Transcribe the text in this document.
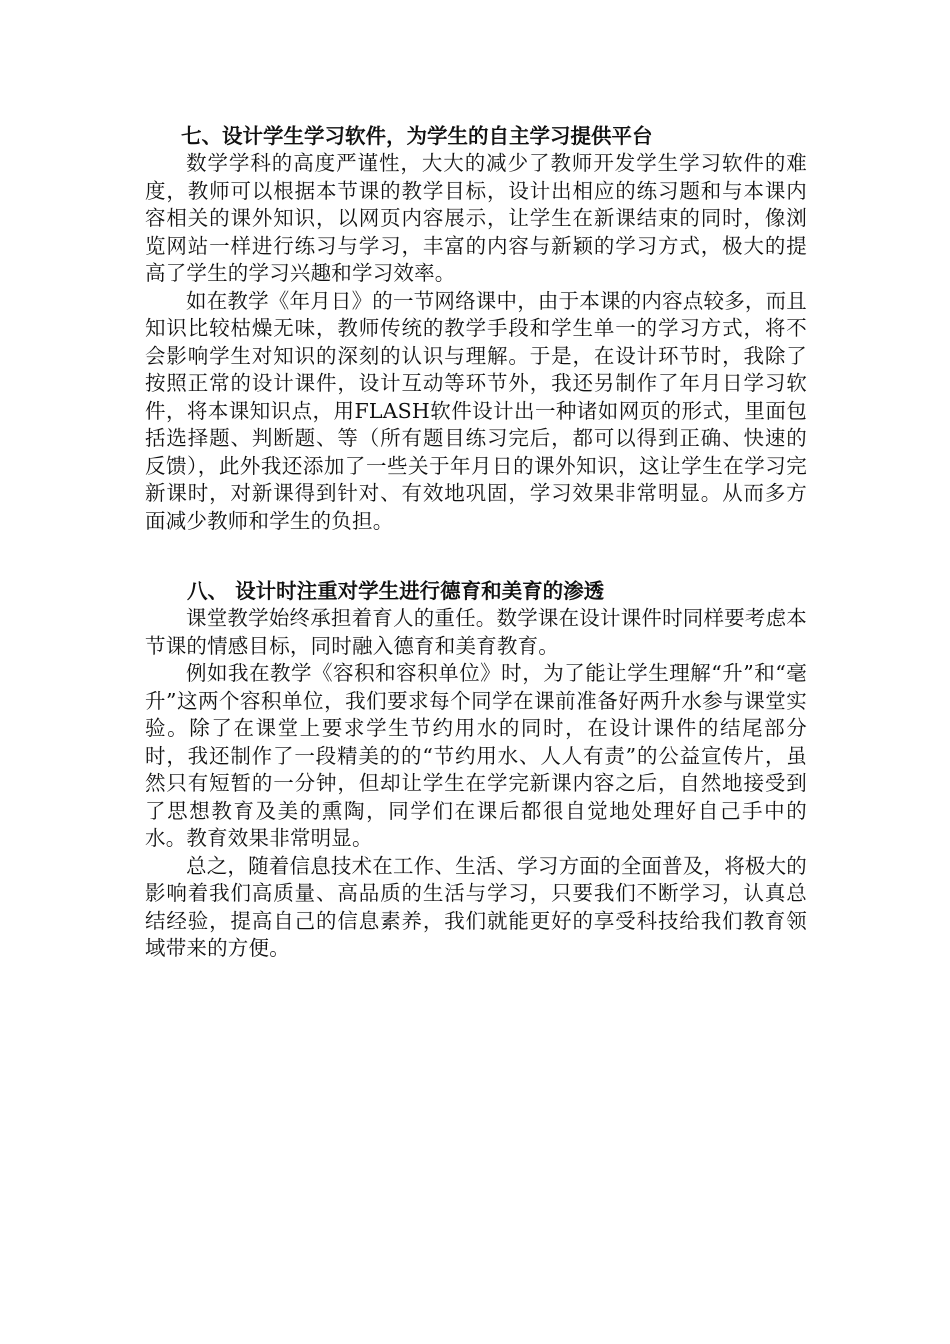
七、设计学生学习软件，为学生的自主学习提供平台

数学学科的高度严谨性，大大的减少了教师开发学生学习软件的难度，教师可以根据本节课的教学目标，设计出相应的练习题和与本课内容相关的课外知识，以网页内容展示，让学生在新课结束的同时，像浏览网站一样进行练习与学习，丰富的内容与新颖的学习方式，极大的提高了学生的学习兴趣和学习效率。

如在教学《年月日》的一节网络课中，由于本课的内容点较多，而且知识比较枯燥无味，教师传统的教学手段和学生单一的学习方式，将不会影响学生对知识的深刻的认识与理解。于是，在设计环节时，我除了按照正常的设计课件，设计互动等环节外，我还另制作了年月日学习软件，将本课知识点，用FLASH软件设计出一种诸如网页的形式，里面包括选择题、判断题、等（所有题目练习完后，都可以得到正确、快速的反馈），此外我还添加了一些关于年月日的课外知识，这让学生在学习完新课时，对新课得到针对、有效地巩固，学习效果非常明显。从而多方面减少教师和学生的负担。

八、 设计时注重对学生进行德育和美育的渗透

课堂教学始终承担着育人的重任。数学课在设计课件时同样要考虑本节课的情感目标，同时融入德育和美育教育。

例如我在教学《容积和容积单位》时，为了能让学生理解“升”和“毫升”这两个容积单位，我们要求每个同学在课前准备好两升水参与课堂实验。除了在课堂上要求学生节约用水的同时，在设计课件的结尾部分时，我还制作了一段精美的的“节约用水、人人有责”的公益宣传片，虽然只有短暂的一分钟，但却让学生在学完新课内容之后，自然地接受到了思想教育及美的熏陶，同学们在课后都很自觉地处理好自己手中的水。教育效果非常明显。

总之，随着信息技术在工作、生活、学习方面的全面普及，将极大的影响着我们高质量、高品质的生活与学习，只要我们不断学习，认真总结经验，提高自己的信息素养，我们就能更好的享受科技给我们教育领域带来的方便。
